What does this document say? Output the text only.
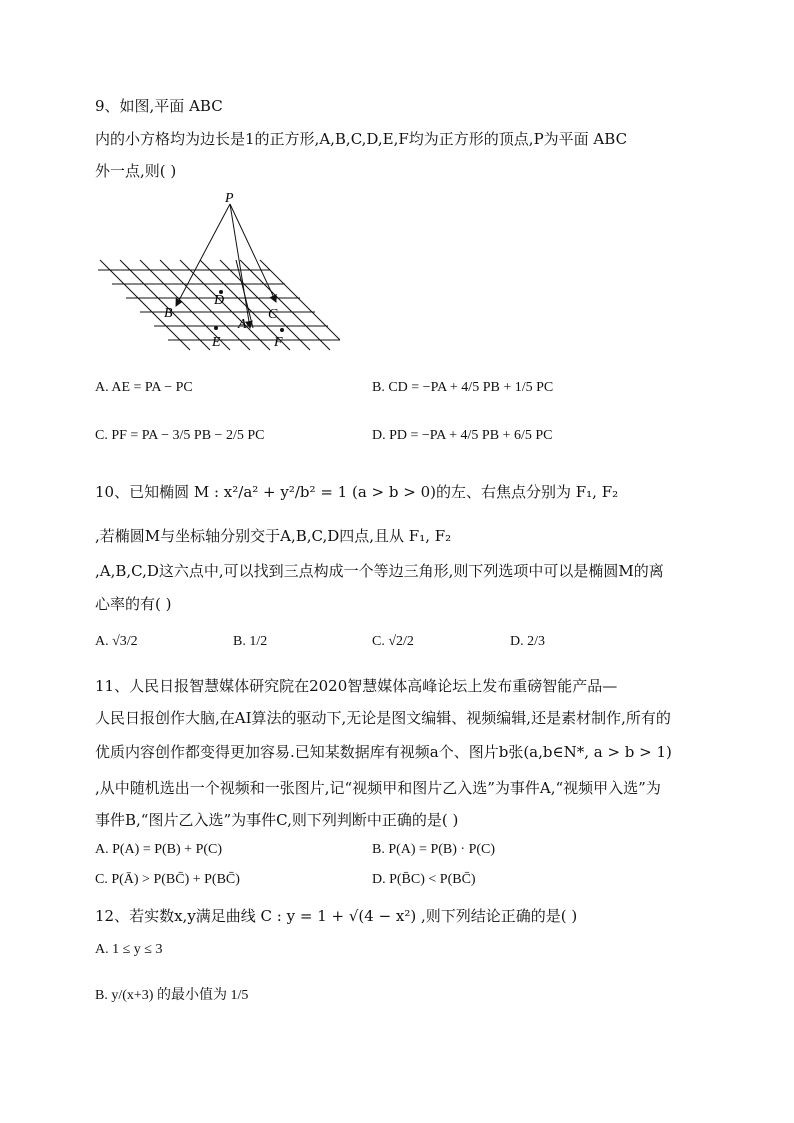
9、如图,平面 ABC
内的小方格均为边长是1的正方形,A,B,C,D,E,F均为正方形的顶点,P为平面 ABC
外一点,则( )
P
B
D
C
A
E	F
A. AE = PA − PC	B. CD = −PA + 4/5 PB + 1/5 PC
C. PF = PA − 3/5 PB − 2/5 PC	D. PD = −PA + 4/5 PB + 6/5 PC
10、已知椭圆 M : x²/a² + y²/b² = 1 (a > b > 0)的左、右焦点分别为 F₁, F₂
,若椭圆M与坐标轴分别交于A,B,C,D四点,且从 F₁, F₂
,A,B,C,D这六点中,可以找到三点构成一个等边三角形,则下列选项中可以是椭圆M的离
心率的有( )
A. √3/2	B. 1/2	C. √2/2	D. 2/3
11、人民日报智慧媒体研究院在2020智慧媒体高峰论坛上发布重磅智能产品—
人民日报创作大脑,在AI算法的驱动下,无论是图文编辑、视频编辑,还是素材制作,所有的
优质内容创作都变得更加容易.已知某数据库有视频a个、图片b张(a,b∈N*, a > b > 1)
,从中随机选出一个视频和一张图片,记“视频甲和图片乙入选”为事件A,“视频甲入选”为
事件B,“图片乙入选”为事件C,则下列判断中正确的是( )
A. P(A) = P(B) + P(C)	B. P(A) = P(B) · P(C)
C. P(Ā) > P(BC̄) + P(BC̄)	D. P(B̄C) < P(BC̄)
12、若实数x,y满足曲线 C : y = 1 + √(4 − x²) ,则下列结论正确的是( )
A. 1 ≤ y ≤ 3
B. y/(x+3) 的最小值为 1/5
